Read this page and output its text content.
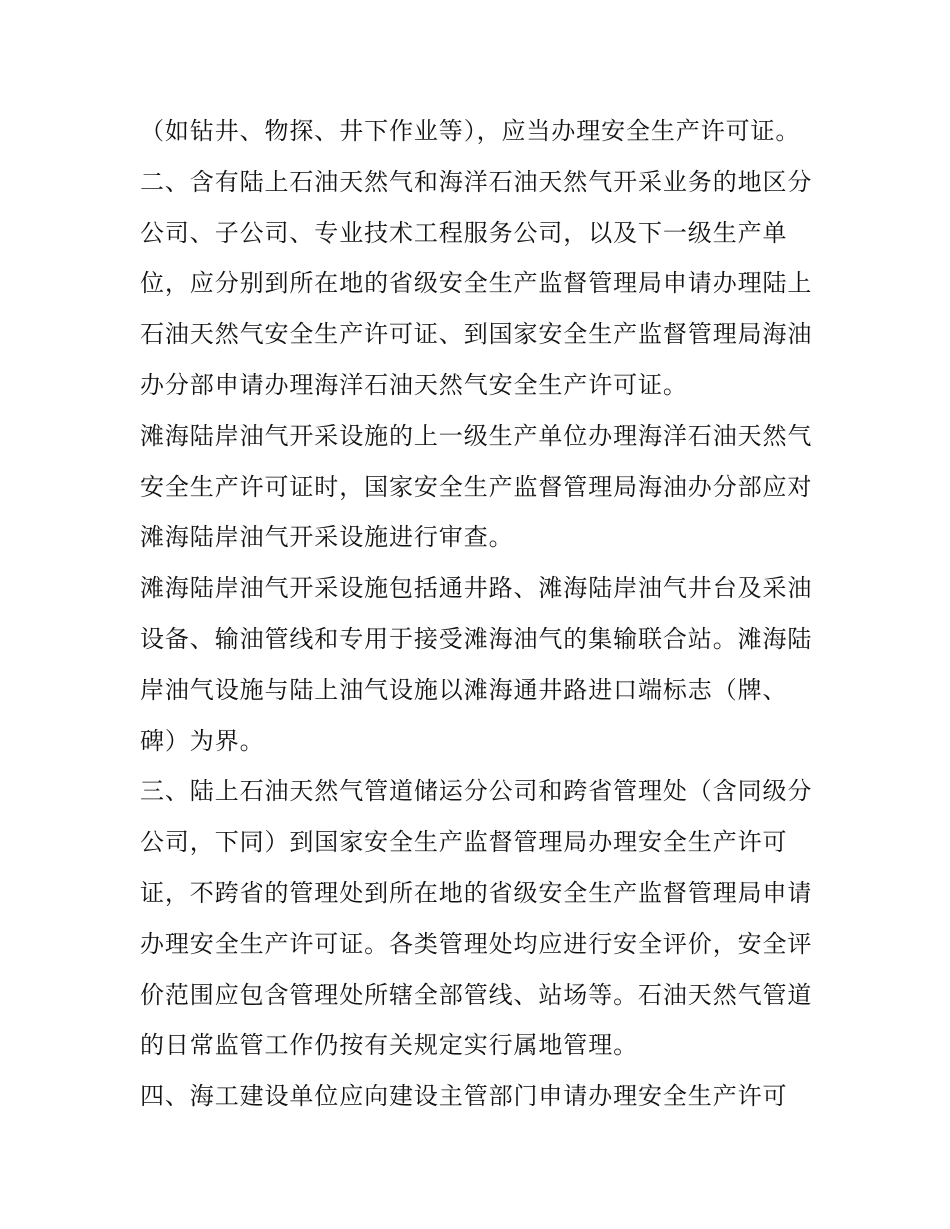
（如钻井、物探、井下作业等），应当办理安全生产许可证。

二、含有陆上石油天然气和海洋石油天然气开采业务的地区分
公司、子公司、专业技术工程服务公司，以及下一级生产单
位，应分别到所在地的省级安全生产监督管理局申请办理陆上
石油天然气安全生产许可证、到国家安全生产监督管理局海油
办分部申请办理海洋石油天然气安全生产许可证。

滩海陆岸油气开采设施的上一级生产单位办理海洋石油天然气
安全生产许可证时，国家安全生产监督管理局海油办分部应对
滩海陆岸油气开采设施进行审查。

滩海陆岸油气开采设施包括通井路、滩海陆岸油气井台及采油
设备、输油管线和专用于接受滩海油气的集输联合站。滩海陆
岸油气设施与陆上油气设施以滩海通井路进口端标志（牌、
碑）为界。

三、陆上石油天然气管道储运分公司和跨省管理处（含同级分
公司，下同）到国家安全生产监督管理局办理安全生产许可
证，不跨省的管理处到所在地的省级安全生产监督管理局申请
办理安全生产许可证。各类管理处均应进行安全评价，安全评
价范围应包含管理处所辖全部管线、站场等。石油天然气管道
的日常监管工作仍按有关规定实行属地管理。

四、海工建设单位应向建设主管部门申请办理安全生产许可
